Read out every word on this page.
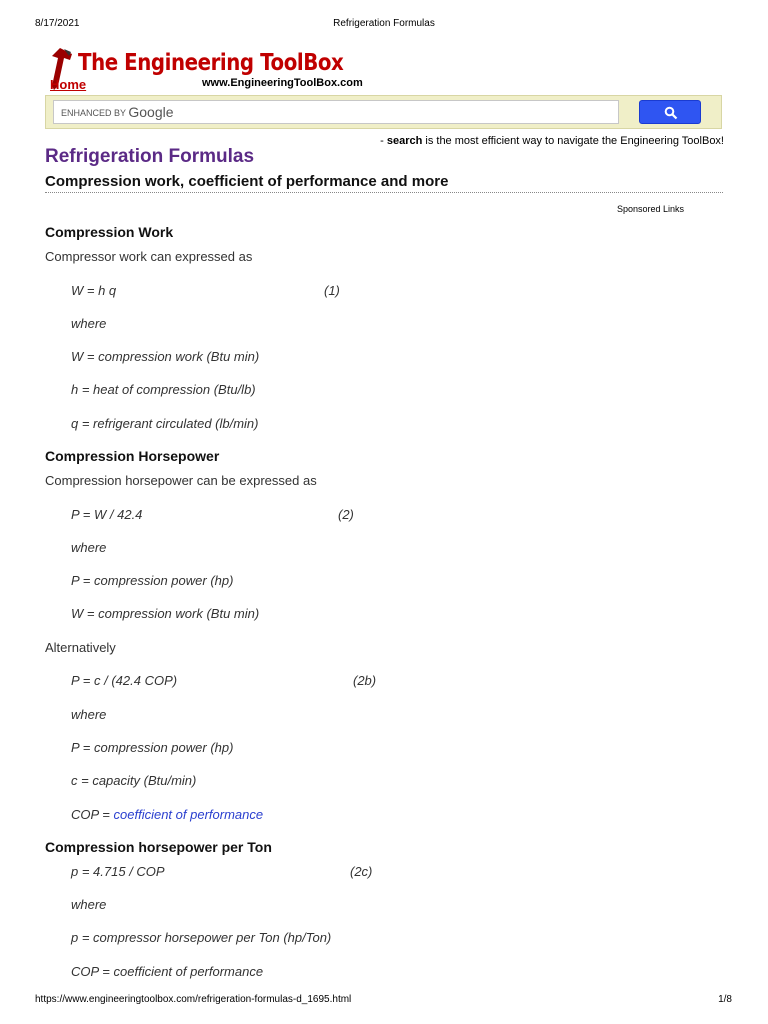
8/17/2021	Refrigeration Formulas
The Engineering ToolBox
Home	www.EngineeringToolBox.com
ENHANCED BY Google
- search is the most efficient way to navigate the Engineering ToolBox!
Refrigeration Formulas
Compression work, coefficient of performance and more
Sponsored Links
Compression Work
Compressor work can expressed as
W = h q	(1)
where
W = compression work (Btu min)
h = heat of compression (Btu/lb)
q = refrigerant circulated (lb/min)
Compression Horsepower
Compression horsepower can be expressed as
P = W / 42.4	(2)
where
P = compression power (hp)
W = compression work (Btu min)
Alternatively
P = c / (42.4 COP)	(2b)
where
P = compression power (hp)
c = capacity (Btu/min)
COP = coefficient of performance
Compression horsepower per Ton
p = 4.715 / COP	(2c)
where
p = compressor horsepower per Ton (hp/Ton)
COP = coefficient of performance
https://www.engineeringtoolbox.com/refrigeration-formulas-d_1695.html	1/8
